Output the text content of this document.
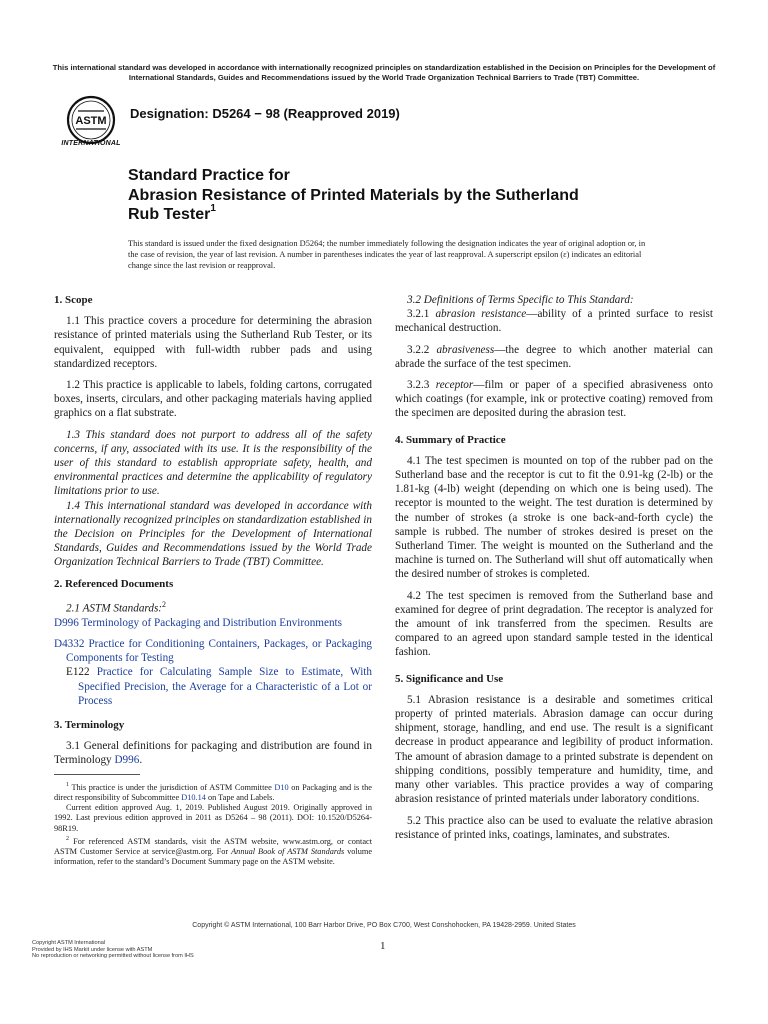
This international standard was developed in accordance with internationally recognized principles on standardization established in the Decision on Principles for the Development of International Standards, Guides and Recommendations issued by the World Trade Organization Technical Barriers to Trade (TBT) Committee.
ASTM
INTERNATIONAL
Designation: D5264 − 98 (Reapproved 2019)
Standard Practice for
Abrasion Resistance of Printed Materials by the Sutherland
Rub Tester$^1$
This standard is issued under the fixed designation D5264; the number immediately following the designation indicates the year of original adoption or, in the case of revision, the year of last revision. A number in parentheses indicates the year of last reapproval. A superscript epsilon (ε) indicates an editorial change since the last revision or reapproval.

1. Scope

1.1 This practice covers a procedure for determining the abrasion resistance of printed materials using the Sutherland Rub Tester, or its equivalent, equipped with full-width rubber pads and using standardized receptors.

1.2 This practice is applicable to labels, folding cartons, corrugated boxes, inserts, circulars, and other packaging materials having applied graphics on a flat substrate.

1.3 This standard does not purport to address all of the safety concerns, if any, associated with its use. It is the responsibility of the user of this standard to establish appropriate safety, health, and environmental practices and determine the applicability of regulatory limitations prior to use.

1.4 This international standard was developed in accordance with internationally recognized principles on standardization established in the Decision on Principles for the Development of International Standards, Guides and Recommendations issued by the World Trade Organization Technical Barriers to Trade (TBT) Committee.

2. Referenced Documents

2.1 ASTM Standards:$^2$

D996 Terminology of Packaging and Distribution Environments

D4332 Practice for Conditioning Containers, Packages, or Packaging Components for Testing

E122 Practice for Calculating Sample Size to Estimate, With Specified Precision, the Average for a Characteristic of a Lot or Process

3. Terminology

3.1 General definitions for packaging and distribution are found in Terminology D996.

$^1$ This practice is under the jurisdiction of ASTM Committee D10 on Packaging and is the direct responsibility of Subcommittee D10.14 on Tape and Labels.

Current edition approved Aug. 1, 2019. Published August 2019. Originally approved in 1992. Last previous edition approved in 2011 as D5264 – 98 (2011). DOI: 10.1520/D5264-98R19.

$^2$ For referenced ASTM standards, visit the ASTM website, www.astm.org, or contact ASTM Customer Service at service@astm.org. For Annual Book of ASTM Standards volume information, refer to the standard’s Document Summary page on the ASTM website.

3.2 Definitions of Terms Specific to This Standard:

3.2.1 abrasion resistance—ability of a printed surface to resist mechanical destruction.

3.2.2 abrasiveness—the degree to which another material can abrade the surface of the test specimen.

3.2.3 receptor—film or paper of a specified abrasiveness onto which coatings (for example, ink or protective coating) removed from the specimen are deposited during the abrasion test.

4. Summary of Practice

4.1 The test specimen is mounted on top of the rubber pad on the Sutherland base and the receptor is cut to fit the 0.91-kg (2-lb) or the 1.81-kg (4-lb) weight (depending on which one is being used). The receptor is mounted to the weight. The test duration is determined by the number of strokes (a stroke is one back-and-forth cycle) the sample is rubbed. The number of strokes desired is preset on the Sutherland Timer. The weight is mounted on the Sutherland and the machine is turned on. The Sutherland will shut off automatically when the desired number of strokes is completed.

4.2 The test specimen is removed from the Sutherland base and examined for degree of print degradation. The receptor is analyzed for the amount of ink transferred from the specimen. Results are compared to an agreed upon standard sample tested in the identical fashion.

5. Significance and Use

5.1 Abrasion resistance is a desirable and sometimes critical property of printed materials. Abrasion damage can occur during shipment, storage, handling, and end use. The result is a significant decrease in product appearance and legibility of product information. The amount of abrasion damage to a printed substrate is dependent on shipping conditions, possibly temperature and humidity, time, and many other variables. This practice provides a way of comparing abrasion resistance of printed materials under laboratory conditions.

5.2 This practice also can be used to evaluate the relative abrasion resistance of printed inks, coatings, laminates, and substrates.

Copyright © ASTM International, 100 Barr Harbor Drive, PO Box C700, West Conshohocken, PA 19428-2959. United States
1
Copyright ASTM International
Provided by IHS Markit under license with ASTM
No reproduction or networking permitted without license from IHS
